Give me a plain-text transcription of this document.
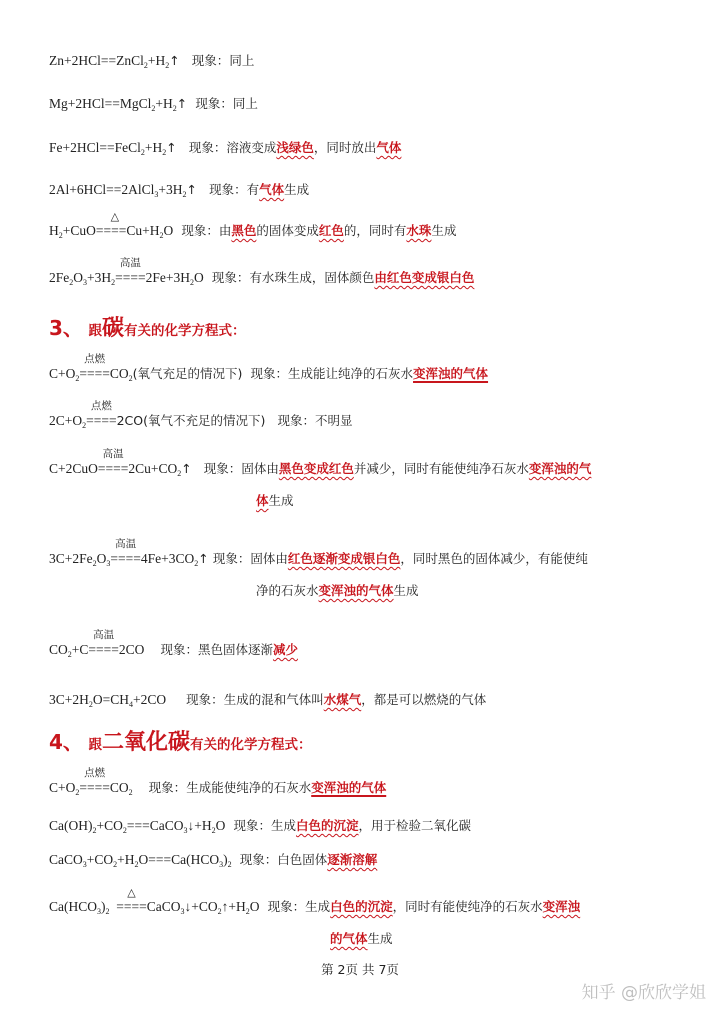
$Zn+2HCl==ZnCl_2+H_2↑$ 现象：同上
$Mg+2HCl==MgCl_2+H_2↑$ 现象：同上
$Fe+2HCl==FeCl_2+H_2↑$ 现象：溶液变成浅绿色，同时放出气体
$2Al+6HCl==2AlCl_3+3H_2↑$ 现象：有气体生成
$H_2+CuO=$
△
$===Cu+H_2O$ 现象：由黑色的固体变成红色的，同时有水珠生成
$2Fe_2O_3+3H_2$
高温
$====2Fe+3H_2O$ 现象：有水珠生成，固体颜色由红色变成银白色
3、 跟碳有关的化学方程式：
$C+O_2$
点燃
$====CO_2$(氧气充足的情况下) 现象：生成能让纯净的石灰水变浑浊的气体
$2C+O_2$
点燃
====2CO(氧气不充足的情况下) 现象：不明显
C+2CuO
高温
$====2Cu+CO_2↑$ 现象：固体由黑色变成红色并减少，同时有能使纯净石灰水变浑浊的气
体生成
$3C+2Fe_2O_3$
高温
$====4Fe+3CO_2↑$ 现象：固体由红色逐渐变成银白色，同时黑色的固体减少，有能使纯
净的石灰水变浑浊的气体生成
$CO_2+C$
高温
====2CO 现象：黑色固体逐渐减少
$3C+2H_2O=CH_4+2CO$ 现象：生成的混和气体叫水煤气，都是可以燃烧的气体
4、 跟二氧化碳有关的化学方程式：
$C+O_2$
点燃
$====CO_2$ 现象：生成能使纯净的石灰水变浑浊的气体
$Ca(OH)_2+CO_2===CaCO_3↓+H_2O$ 现象：生成白色的沉淀，用于检验二氧化碳
$CaCO_3+CO_2+H_2O===Ca(HCO_3)_2$ 现象：白色固体逐渐溶解
$Ca(HCO_3)_2$
△
$====CaCO_3↓+CO_2↑+H_2O$ 现象：生成白色的沉淀，同时有能使纯净的石灰水变浑浊
的气体生成
第 2页 共 7页
知乎 @欣欣学姐
